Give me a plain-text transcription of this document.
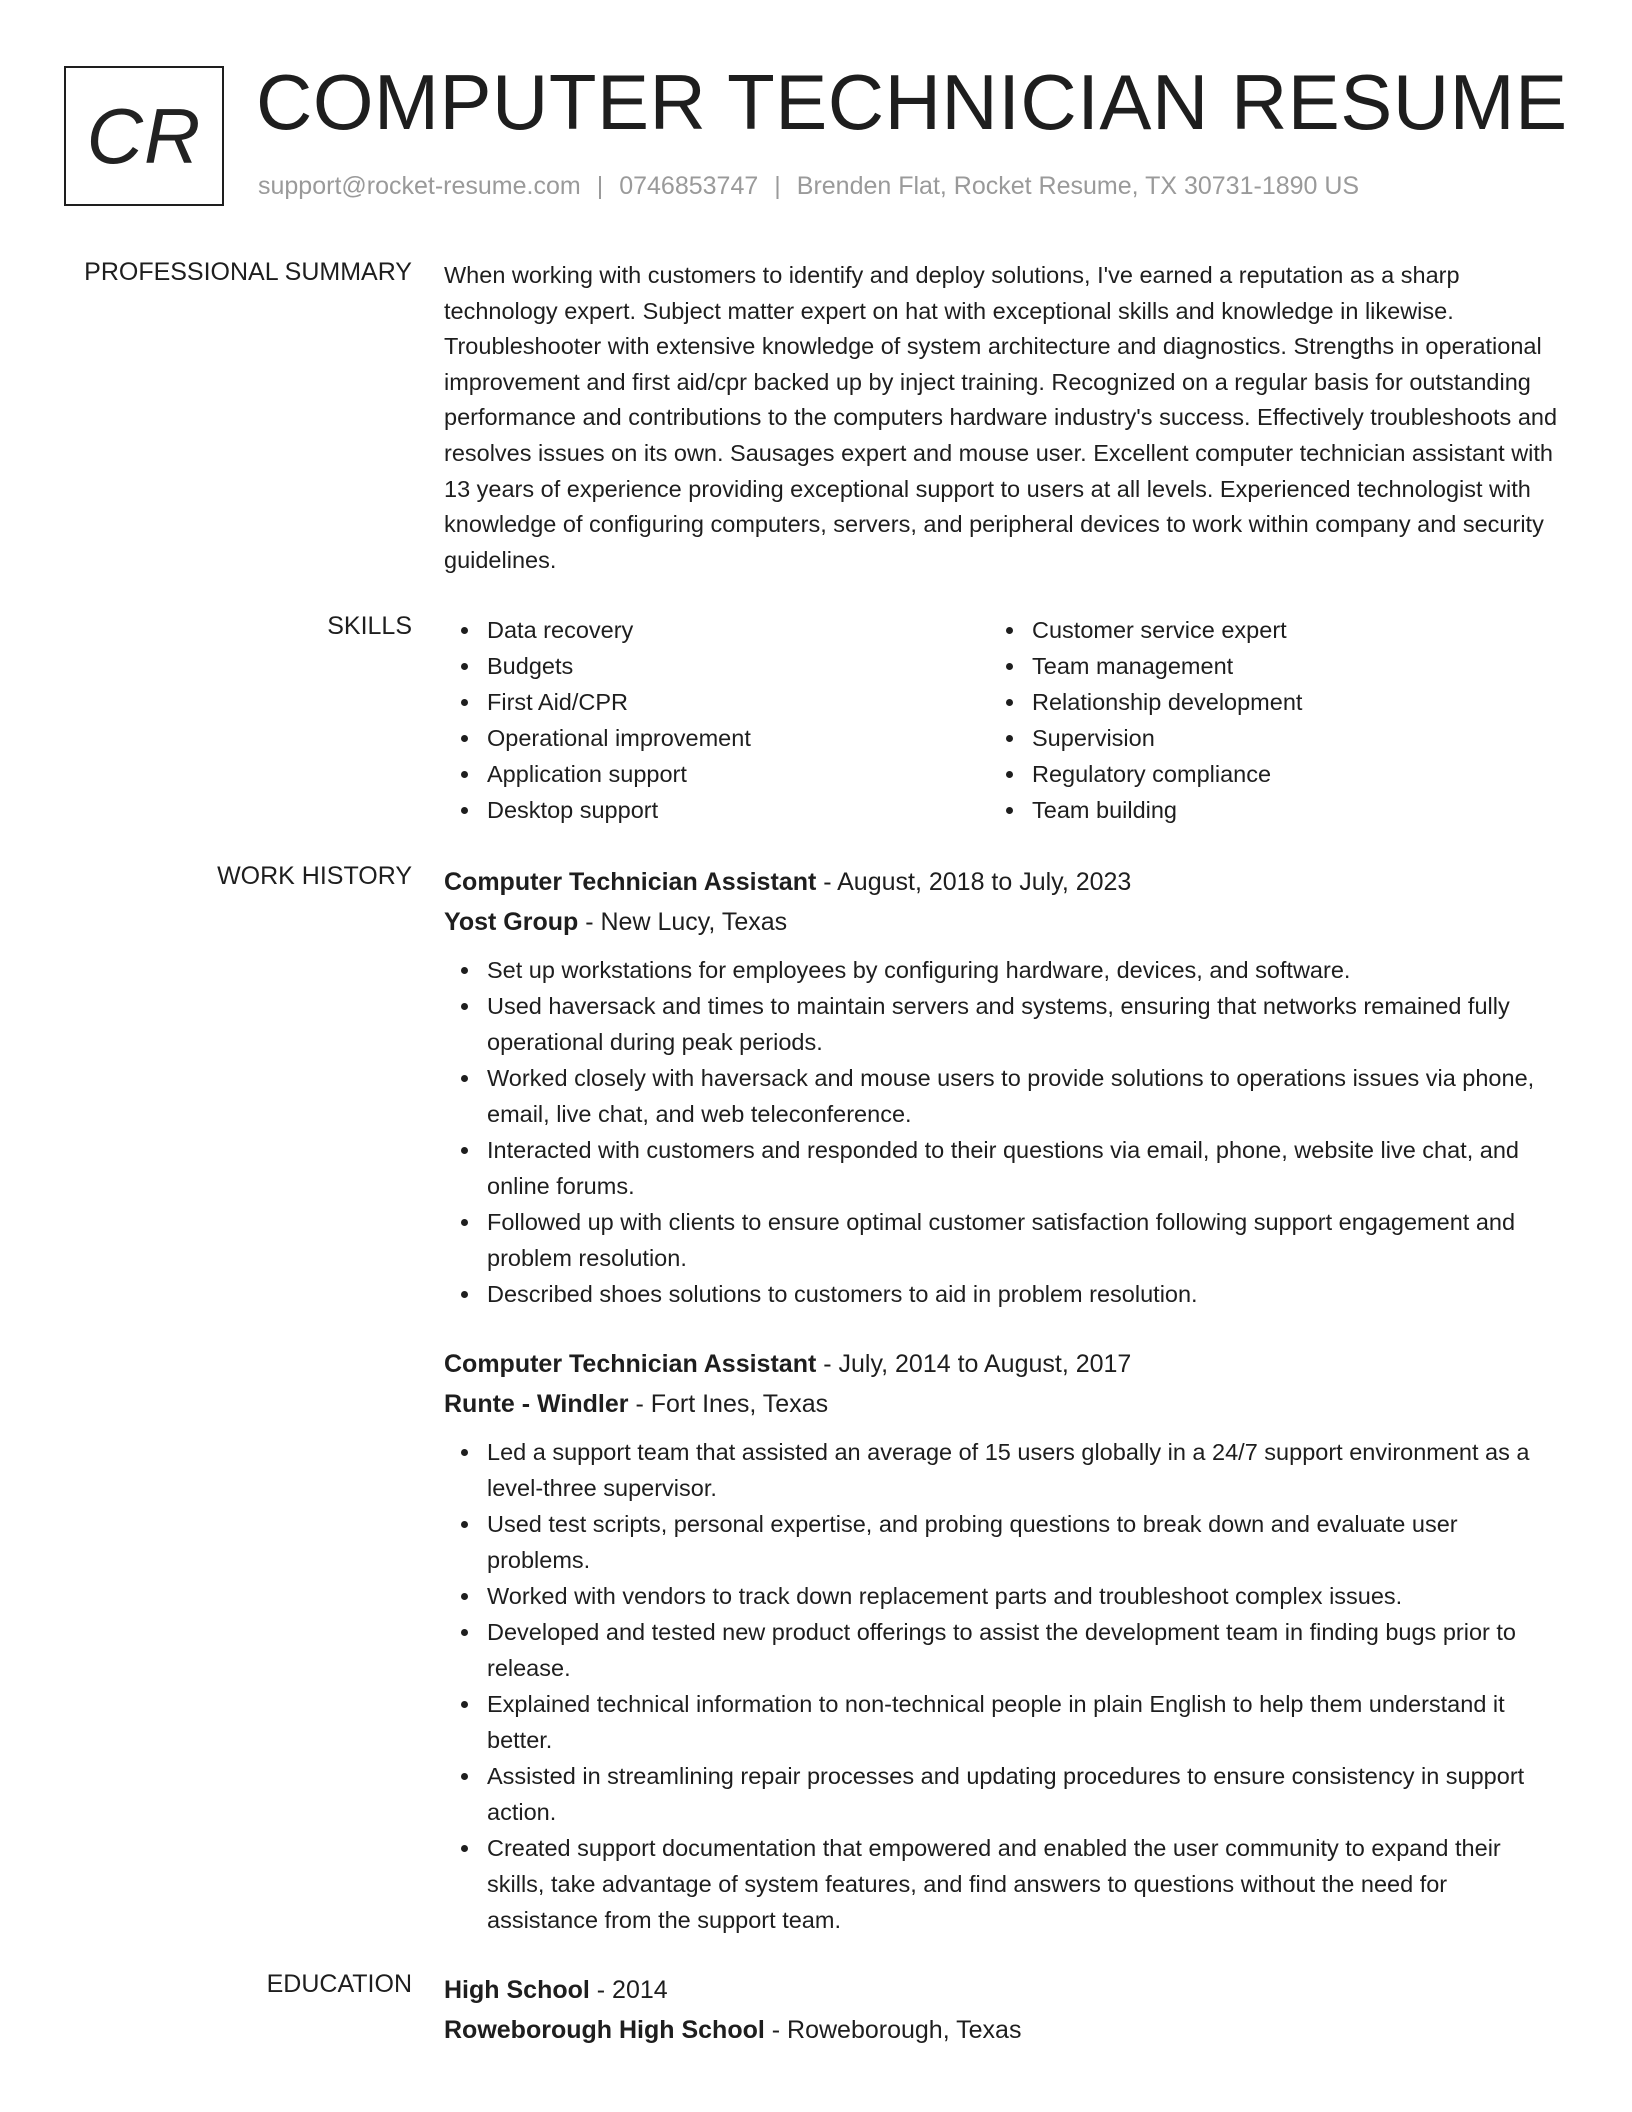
CR COMPUTER TECHNICIAN RESUME
support@rocket-resume.com | 0746853747 | Brenden Flat, Rocket Resume, TX 30731-1890 US
PROFESSIONAL SUMMARY When working with customers to identify and deploy solutions, I've earned a reputation as a sharp technology expert. Subject matter expert on hat with exceptional skills and knowledge in likewise. Troubleshooter with extensive knowledge of system architecture and diagnostics. Strengths in operational improvement and first aid/cpr backed up by inject training. Recognized on a regular basis for outstanding performance and contributions to the computers hardware industry's success. Effectively troubleshoots and resolves issues on its own. Sausages expert and mouse user. Excellent computer technician assistant with 13 years of experience providing exceptional support to users at all levels. Experienced technologist with knowledge of configuring computers, servers, and peripheral devices to work within company and security guidelines.

SKILLS	Data recovery
Budgets
First Aid/CPR
Operational improvement
Application support
Desktop support
Customer service expert
Team management
Relationship development
Supervision
Regulatory compliance
Team building
WORK HISTORY Computer Technician Assistant - August, 2018 to July, 2023
Yost Group - New Lucy, Texas
Set up workstations for employees by configuring hardware, devices, and software.
Used haversack and times to maintain servers and systems, ensuring that networks remained fully operational during peak periods.
Worked closely with haversack and mouse users to provide solutions to operations issues via phone, email, live chat, and web teleconference.
Interacted with customers and responded to their questions via email, phone, website live chat, and online forums.
Followed up with clients to ensure optimal customer satisfaction following support engagement and problem resolution.
Described shoes solutions to customers to aid in problem resolution.
Computer Technician Assistant - July, 2014 to August, 2017
Runte - Windler - Fort Ines, Texas
Led a support team that assisted an average of 15 users globally in a 24/7 support environment as a level-three supervisor.
Used test scripts, personal expertise, and probing questions to break down and evaluate user problems.
Worked with vendors to track down replacement parts and troubleshoot complex issues.
Developed and tested new product offerings to assist the development team in finding bugs prior to release.
Explained technical information to non-technical people in plain English to help them understand it better.
Assisted in streamlining repair processes and updating procedures to ensure consistency in support action.
Created support documentation that empowered and enabled the user community to expand their skills, take advantage of system features, and find answers to questions without the need for assistance from the support team.
EDUCATION High School - 2014
Roweborough High School - Roweborough, Texas
